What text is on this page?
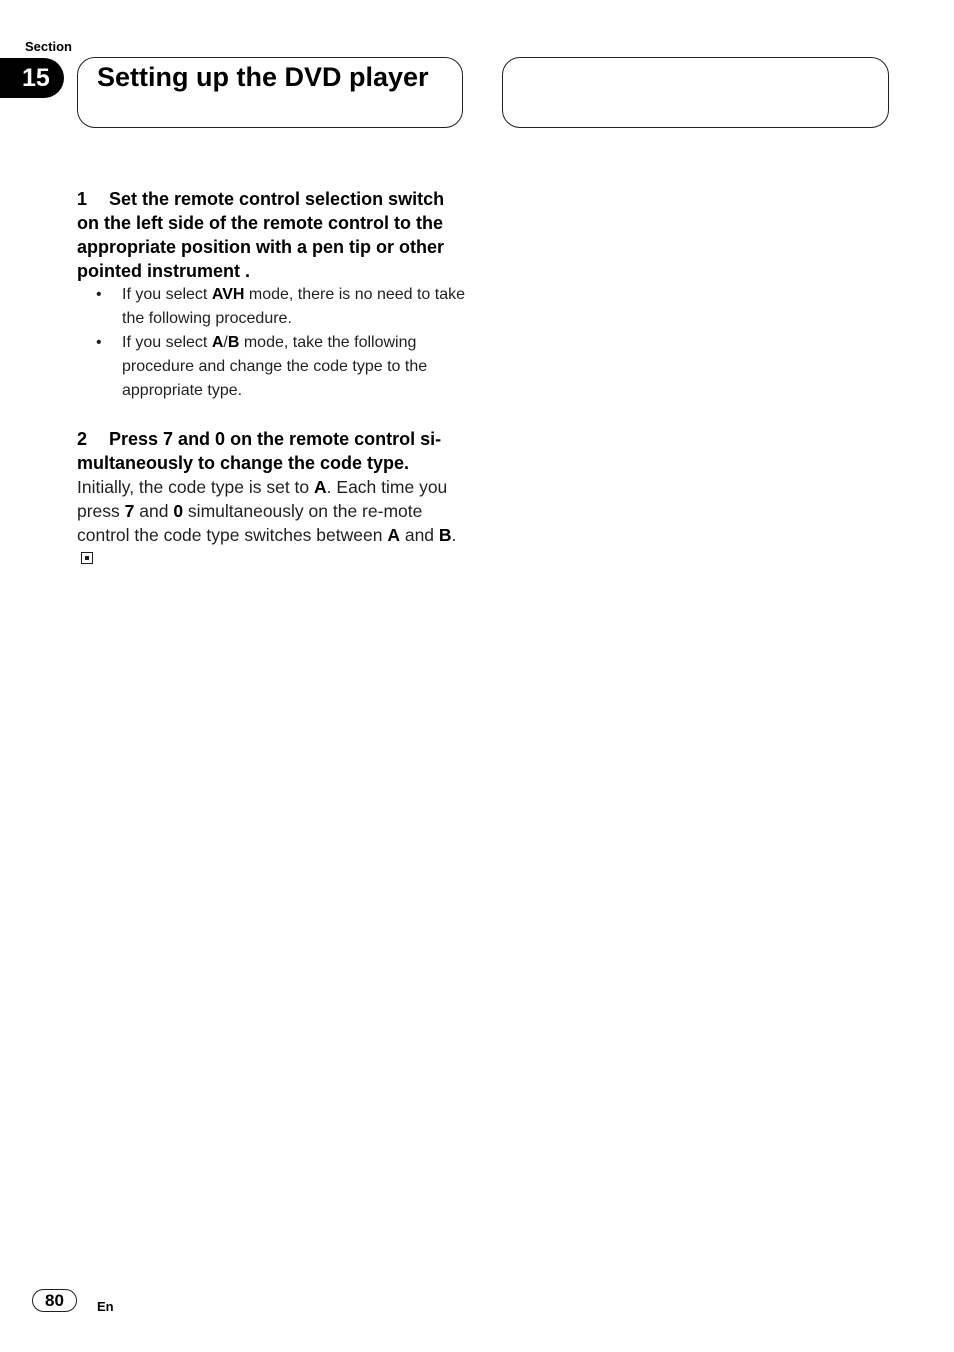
Section
15	Setting up the DVD player

1 Set the remote control selection switch on the left side of the remote control to the appropriate position with a pen tip or other pointed instrument .

• If you select AVH mode, there is no need to take the following procedure.
• If you select A/B mode, take the following procedure and change the code type to the appropriate type.

2 Press 7 and 0 on the remote control si-multaneously to change the code type.

Initially, the code type is set to A. Each time you press 7 and 0 simultaneously on the re-mote control the code type switches between A and B.

80	En
